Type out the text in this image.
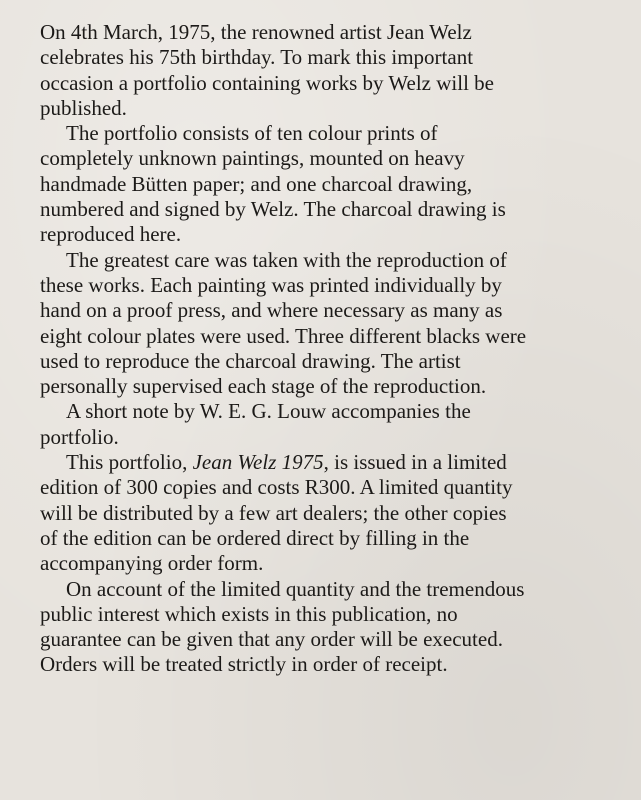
On 4th March, 1975, the renowned artist Jean Welz
celebrates his 75th birthday. To mark this important
occasion a portfolio containing works by Welz will be
published.

The portfolio consists of ten colour prints of
completely unknown paintings, mounted on heavy
handmade Bütten paper; and one charcoal drawing,
numbered and signed by Welz. The charcoal drawing is
reproduced here.

The greatest care was taken with the reproduction of
these works. Each painting was printed individually by
hand on a proof press, and where necessary as many as
eight colour plates were used. Three different blacks were
used to reproduce the charcoal drawing. The artist
personally supervised each stage of the reproduction.

A short note by W. E. G. Louw accompanies the
portfolio.

This portfolio, Jean Welz 1975, is issued in a limited
edition of 300 copies and costs R300. A limited quantity
will be distributed by a few art dealers; the other copies
of the edition can be ordered direct by filling in the
accompanying order form.

On account of the limited quantity and the tremendous
public interest which exists in this publication, no
guarantee can be given that any order will be executed.
Orders will be treated strictly in order of receipt.
